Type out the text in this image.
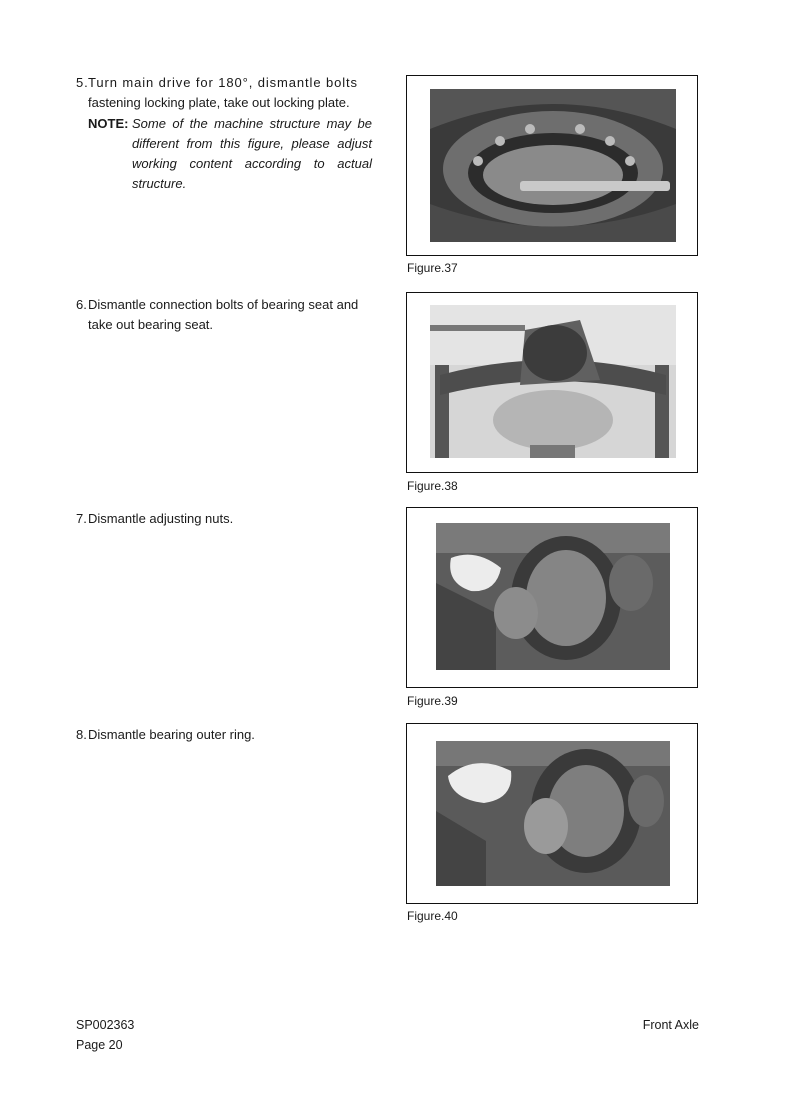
5.Turn main drive for 180°, dismantle bolts
fastening locking plate, take out locking plate.
NOTE: Some of the machine structure may be
different from this figure, please adjust
working content according to actual
structure.
6.Dismantle connection bolts of bearing seat and
take out bearing seat.
7.Dismantle adjusting nuts.
8.Dismantle bearing outer ring.
Figure.37
Figure.38
Figure.39
Figure.40
SP002363
Page 20
Front Axle
